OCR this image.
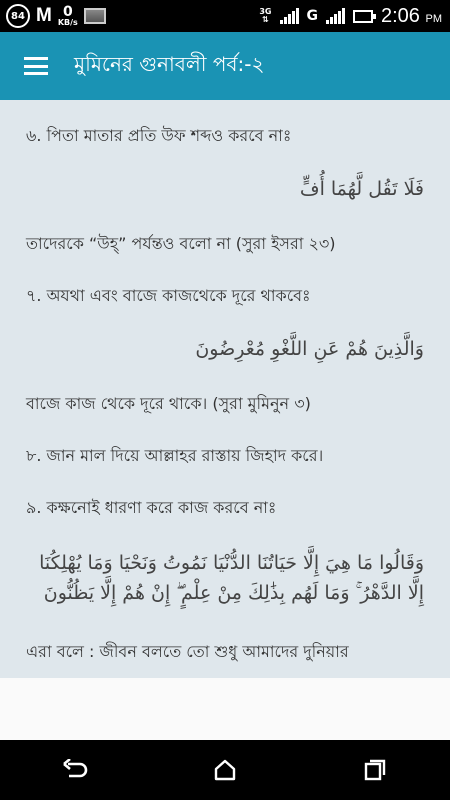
84 M 0
KB/s
3G
⇅	G	2:06 PM
মুমিনের গুনাবলী পর্ব:-২

৬. পিতা মাতার প্রতি উফ শব্দও করবে নাঃ

فَلَا تَقُل لَّهُمَا أُفٍّ

তাদেরকে “উহ্” পর্যন্তও বলো না (সুরা ইসরা ২৩)

৭. অযথা এবং বাজে কাজথেকে দূরে থাকবেঃ

وَالَّذِينَ هُمْ عَنِ اللَّغْوِ مُعْرِضُونَ

বাজে কাজ থেকে দূরে থাকে। (সুরা মুমিনুন ৩)

৮. জান মাল দিয়ে আল্লাহর রাস্তায় জিহাদ করে।

৯. কক্ষনোই ধারণা করে কাজ করবে নাঃ

وَقَالُوا مَا هِيَ إِلَّا حَيَاتُنَا الدُّنْيَا نَمُوتُ وَنَحْيَا وَمَا يُهْلِكُنَا إِلَّا الدَّهْرُ ۚ وَمَا لَهُم بِذَٰلِكَ مِنْ عِلْمٍ ۖ إِنْ هُمْ إِلَّا يَظُنُّونَ

এরা বলে : জীবন বলতে তো শুধু আমাদের দুনিয়ার
